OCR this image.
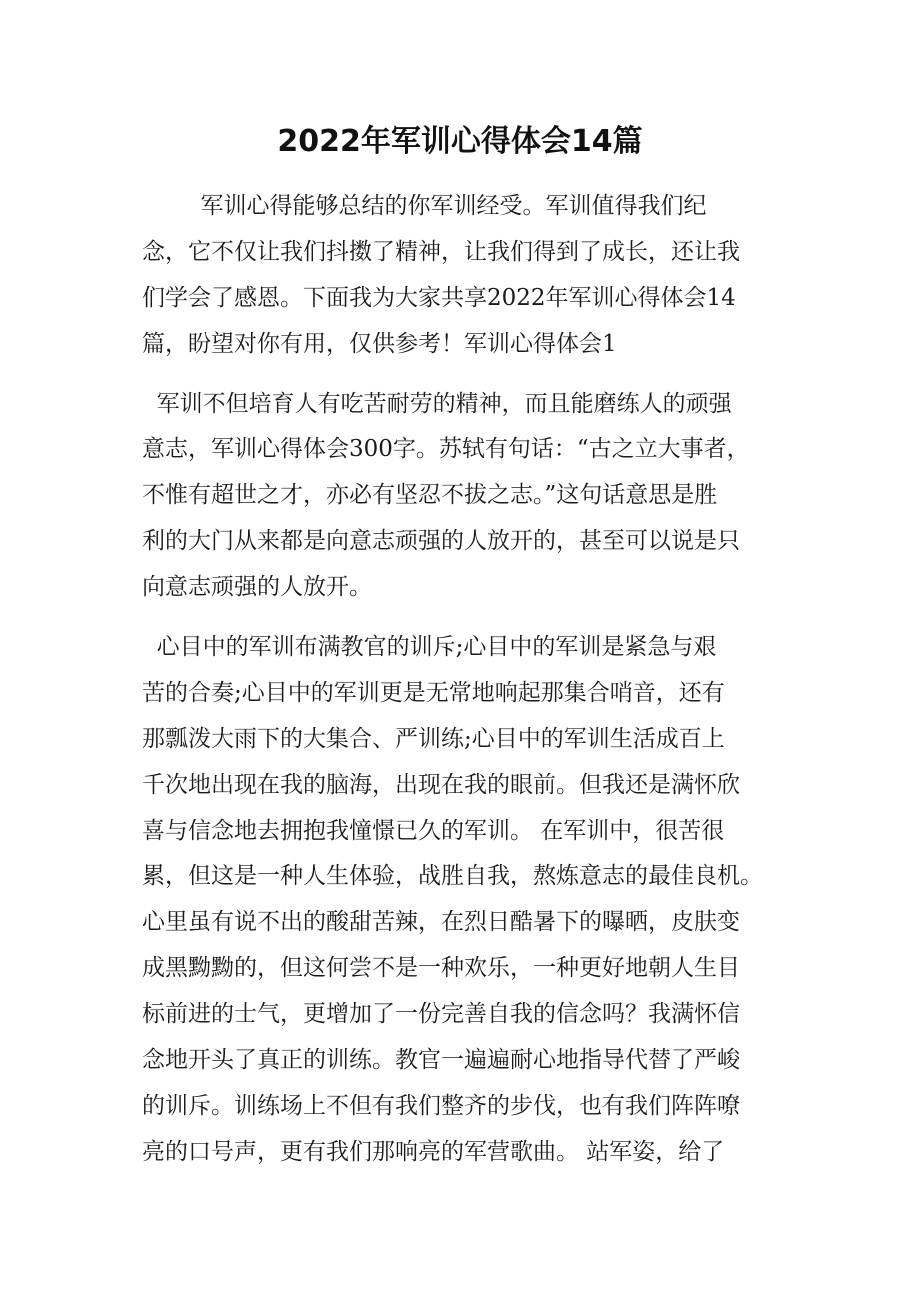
2022年军训心得体会14篇
军训心得能够总结的你军训经受。军训值得我们纪
念，它不仅让我们抖擞了精神，让我们得到了成长，还让我
们学会了感恩。下面我为大家共享2022年军训心得体会14
篇，盼望对你有用，仅供参考！军训心得体会1
军训不但培育人有吃苦耐劳的精神，而且能磨练人的顽强
意志，军训心得体会300字。苏轼有句话：“古之立大事者，
不惟有超世之才，亦必有坚忍不拔之志。”这句话意思是胜
利的大门从来都是向意志顽强的人放开的，甚至可以说是只
向意志顽强的人放开。
心目中的军训布满教官的训斥;心目中的军训是紧急与艰
苦的合奏;心目中的军训更是无常地响起那集合哨音，还有
那瓢泼大雨下的大集合、严训练;心目中的军训生活成百上
千次地出现在我的脑海，出现在我的眼前。但我还是满怀欣
喜与信念地去拥抱我憧憬已久的军训。 在军训中，很苦很
累，但这是一种人生体验，战胜自我，熬炼意志的最佳良机。
心里虽有说不出的酸甜苦辣，在烈日酷暑下的曝晒，皮肤变
成黑黝黝的，但这何尝不是一种欢乐，一种更好地朝人生目
标前进的士气，更增加了一份完善自我的信念吗？我满怀信
念地开头了真正的训练。教官一遍遍耐心地指导代替了严峻
的训斥。训练场上不但有我们整齐的步伐，也有我们阵阵嘹
亮的口号声，更有我们那响亮的军营歌曲。 站军姿，给了
